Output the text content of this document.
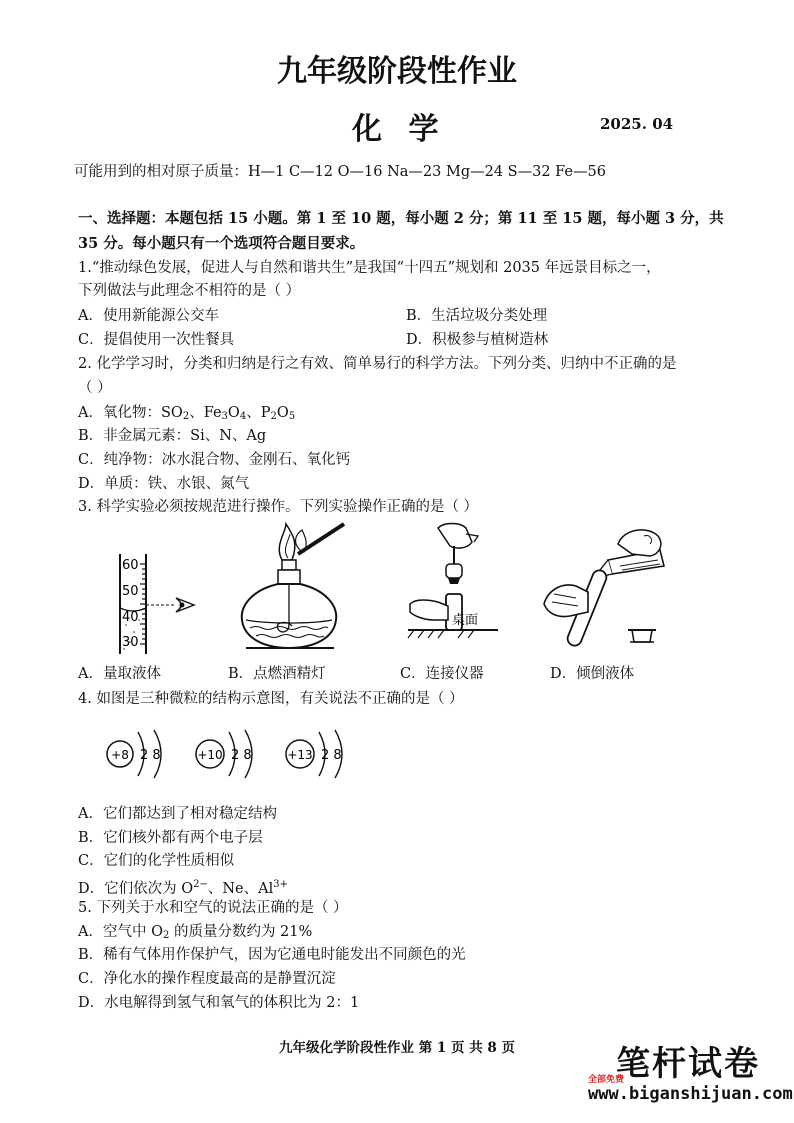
九年级阶段性作业
化 学	2025. 04
可能用到的相对原子质量：H—1 C—12 O—16 Na—23 Mg—24 S—32 Fe—56
一、选择题：本题包括 15 小题。第 1 至 10 题，每小题 2 分；第 11 至 15 题，每小题 3 分，共
35 分。每小题只有一个选项符合题目要求。
1.“推动绿色发展，促进人与自然和谐共生”是我国“十四五”规划和 2035 年远景目标之一，
下列做法与此理念不相符的是（ ）
A．使用新能源公交车	B．生活垃圾分类处理
C．提倡使用一次性餐具	D．积极参与植树造林
2. 化学学习时，分类和归纳是行之有效、简单易行的科学方法。下列分类、归纳中不正确的是
（ ）
A．氧化物：$SO_2$、$Fe_3O_4$、$P_2O_5$
B．非金属元素：Si、N、Ag
C．纯净物：冰水混合物、金刚石、氧化钙
D．单质：铁、水银、氮气
3. 科学实验必须按规范进行操作。下列实验操作正确的是（ ）
60
50
40
30
桌面
A．量取液体	B．点燃酒精灯	C．连接仪器	D．倾倒液体
4. 如图是三种微粒的结构示意图，有关说法不正确的是（ ）
+8 2 8	+10 2 8	+13 2 8
A．它们都达到了相对稳定结构
B．它们核外都有两个电子层
C．它们的化学性质相似
D．它们依次为 $O^{2-}$、Ne、$Al^{3+}$
5. 下列关于水和空气的说法正确的是（ ）
A．空气中 $O_2$ 的质量分数约为 21%
B．稀有气体用作保护气，因为它通电时能发出不同颜色的光
C．净化水的操作程度最高的是静置沉淀
D．水电解得到氢气和氧气的体积比为 2：1
九年级化学阶段性作业 第 1 页 共 8 页	笔杆试卷
全部免费
www.biganshijuan.com
